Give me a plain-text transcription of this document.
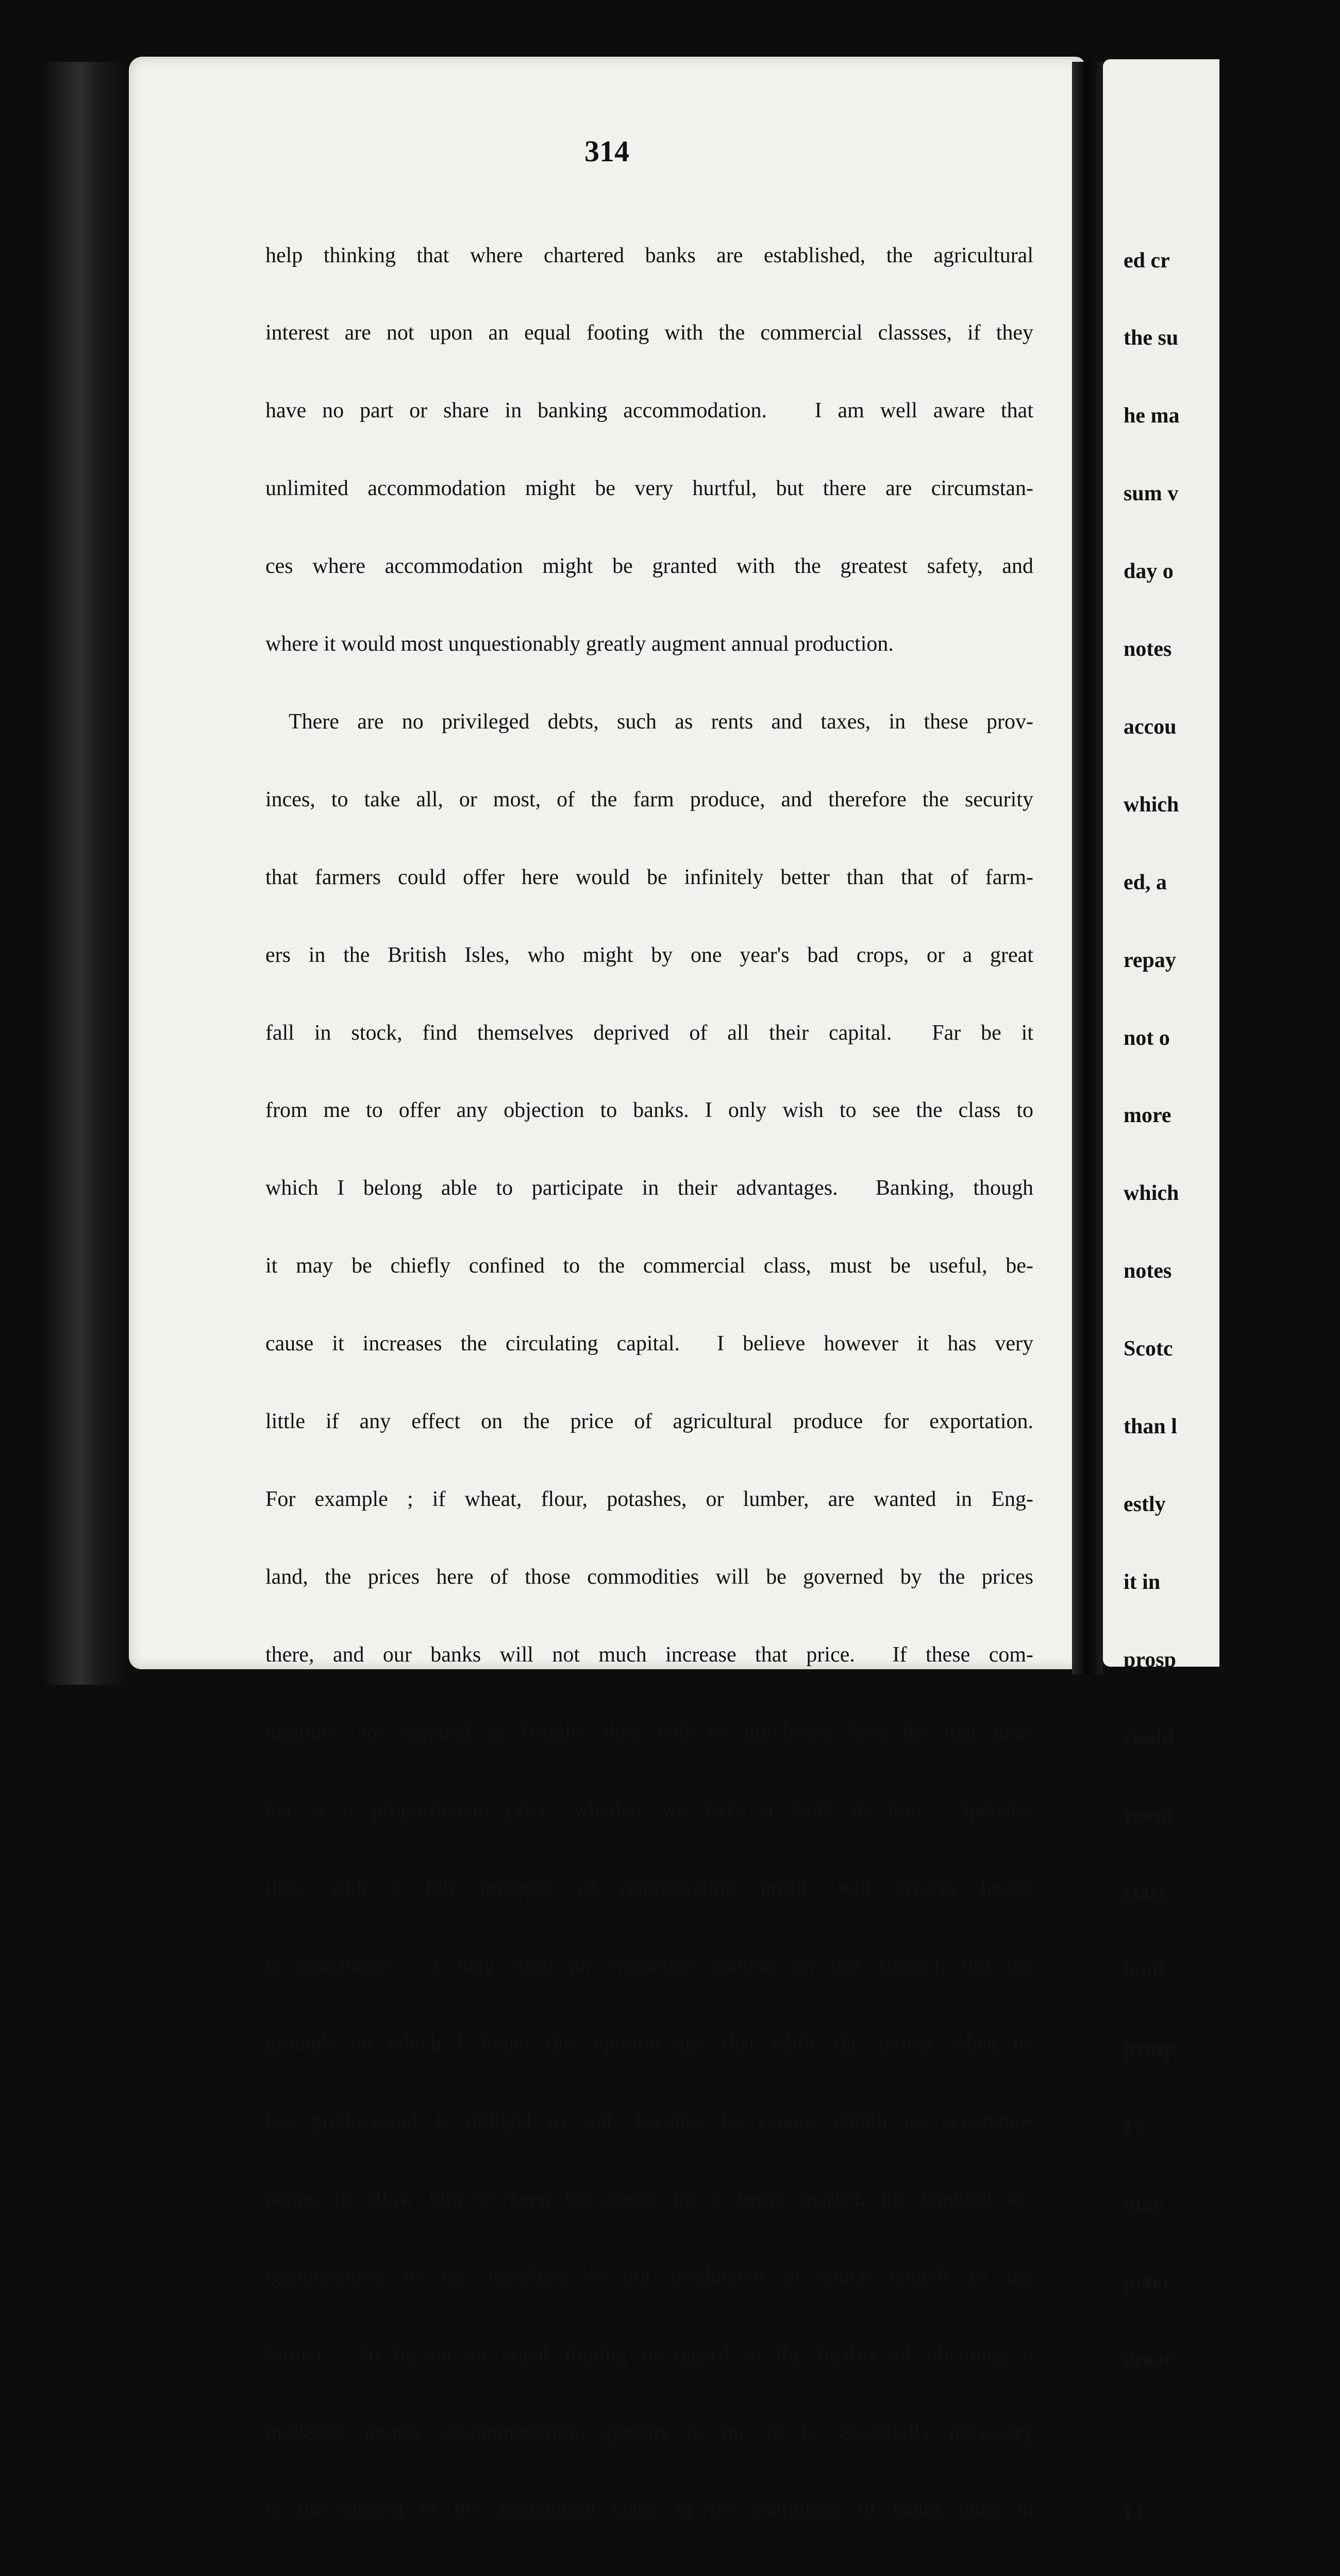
314

help thinking that where chartered banks are established, the agricultural

interest are not upon an equal footing with the commercial classses, if they

have no part or share in banking accommodation.   I am well aware that

unlimited accommodation might be very hurtful, but there are circumstan-

ces where accommodation might be granted with the greatest safety, and

where it would most unquestionably greatly augment annual production.

There are no privileged debts, such as rents and taxes, in these prov-

inces, to take all, or most, of the farm produce, and therefore the security

that farmers could offer here would be infinitely better than that of farm-

ers in the British Isles, who might by one year's bad crops, or a great

fall in stock, find themselves deprived of all their capital.  Far be it

from me to offer any objection to banks. I only wish to see the class to

which I belong able to participate in their advantages.  Banking, though

it may be chiefly confined to the commercial class, must be useful, be-

cause it increases the circulating capital.  I believe however it has very

little if any effect on the price of agricultural produce for exportation.

For example ; if wheat, flour, potashes, or lumber, are wanted in Eng-

land, the prices here of those commodities will be governed by the prices

there, and our banks will not much increase that price.  If these com-

modities are required in Britain, they will be purchased here for that mar-

ket at a proportionate price, whether we have a bank or not.  Specula-

tion, with a fair prospect of remunerating profit, will always insure

us purchasers.  I may form an erroneous opinion on this subject, but the

grounds on which I found this opinion are, that while the farmer when he

has produce,and is obliged to sell, because he cannot obtain an accommo-

dation to allow him to keep his goods for a better market, the banking ac-

commodation to the merchant is not productive of much benefit to the

farmer.  To be on an equal footing in regard to the facility of obtaining a

moderate money accommodation, appears to me to be essentially necessary

to the interest of the agricultural class, or the usefulness of banks must in

ed cr

the su

he ma

sum v

day o

notes

accou

which

ed, a

repay

not o

more

which

notes

Scotc

than l

estly

it in

prosp

could

reaso

class

land

prosp

I s

may

peter

great

I l
